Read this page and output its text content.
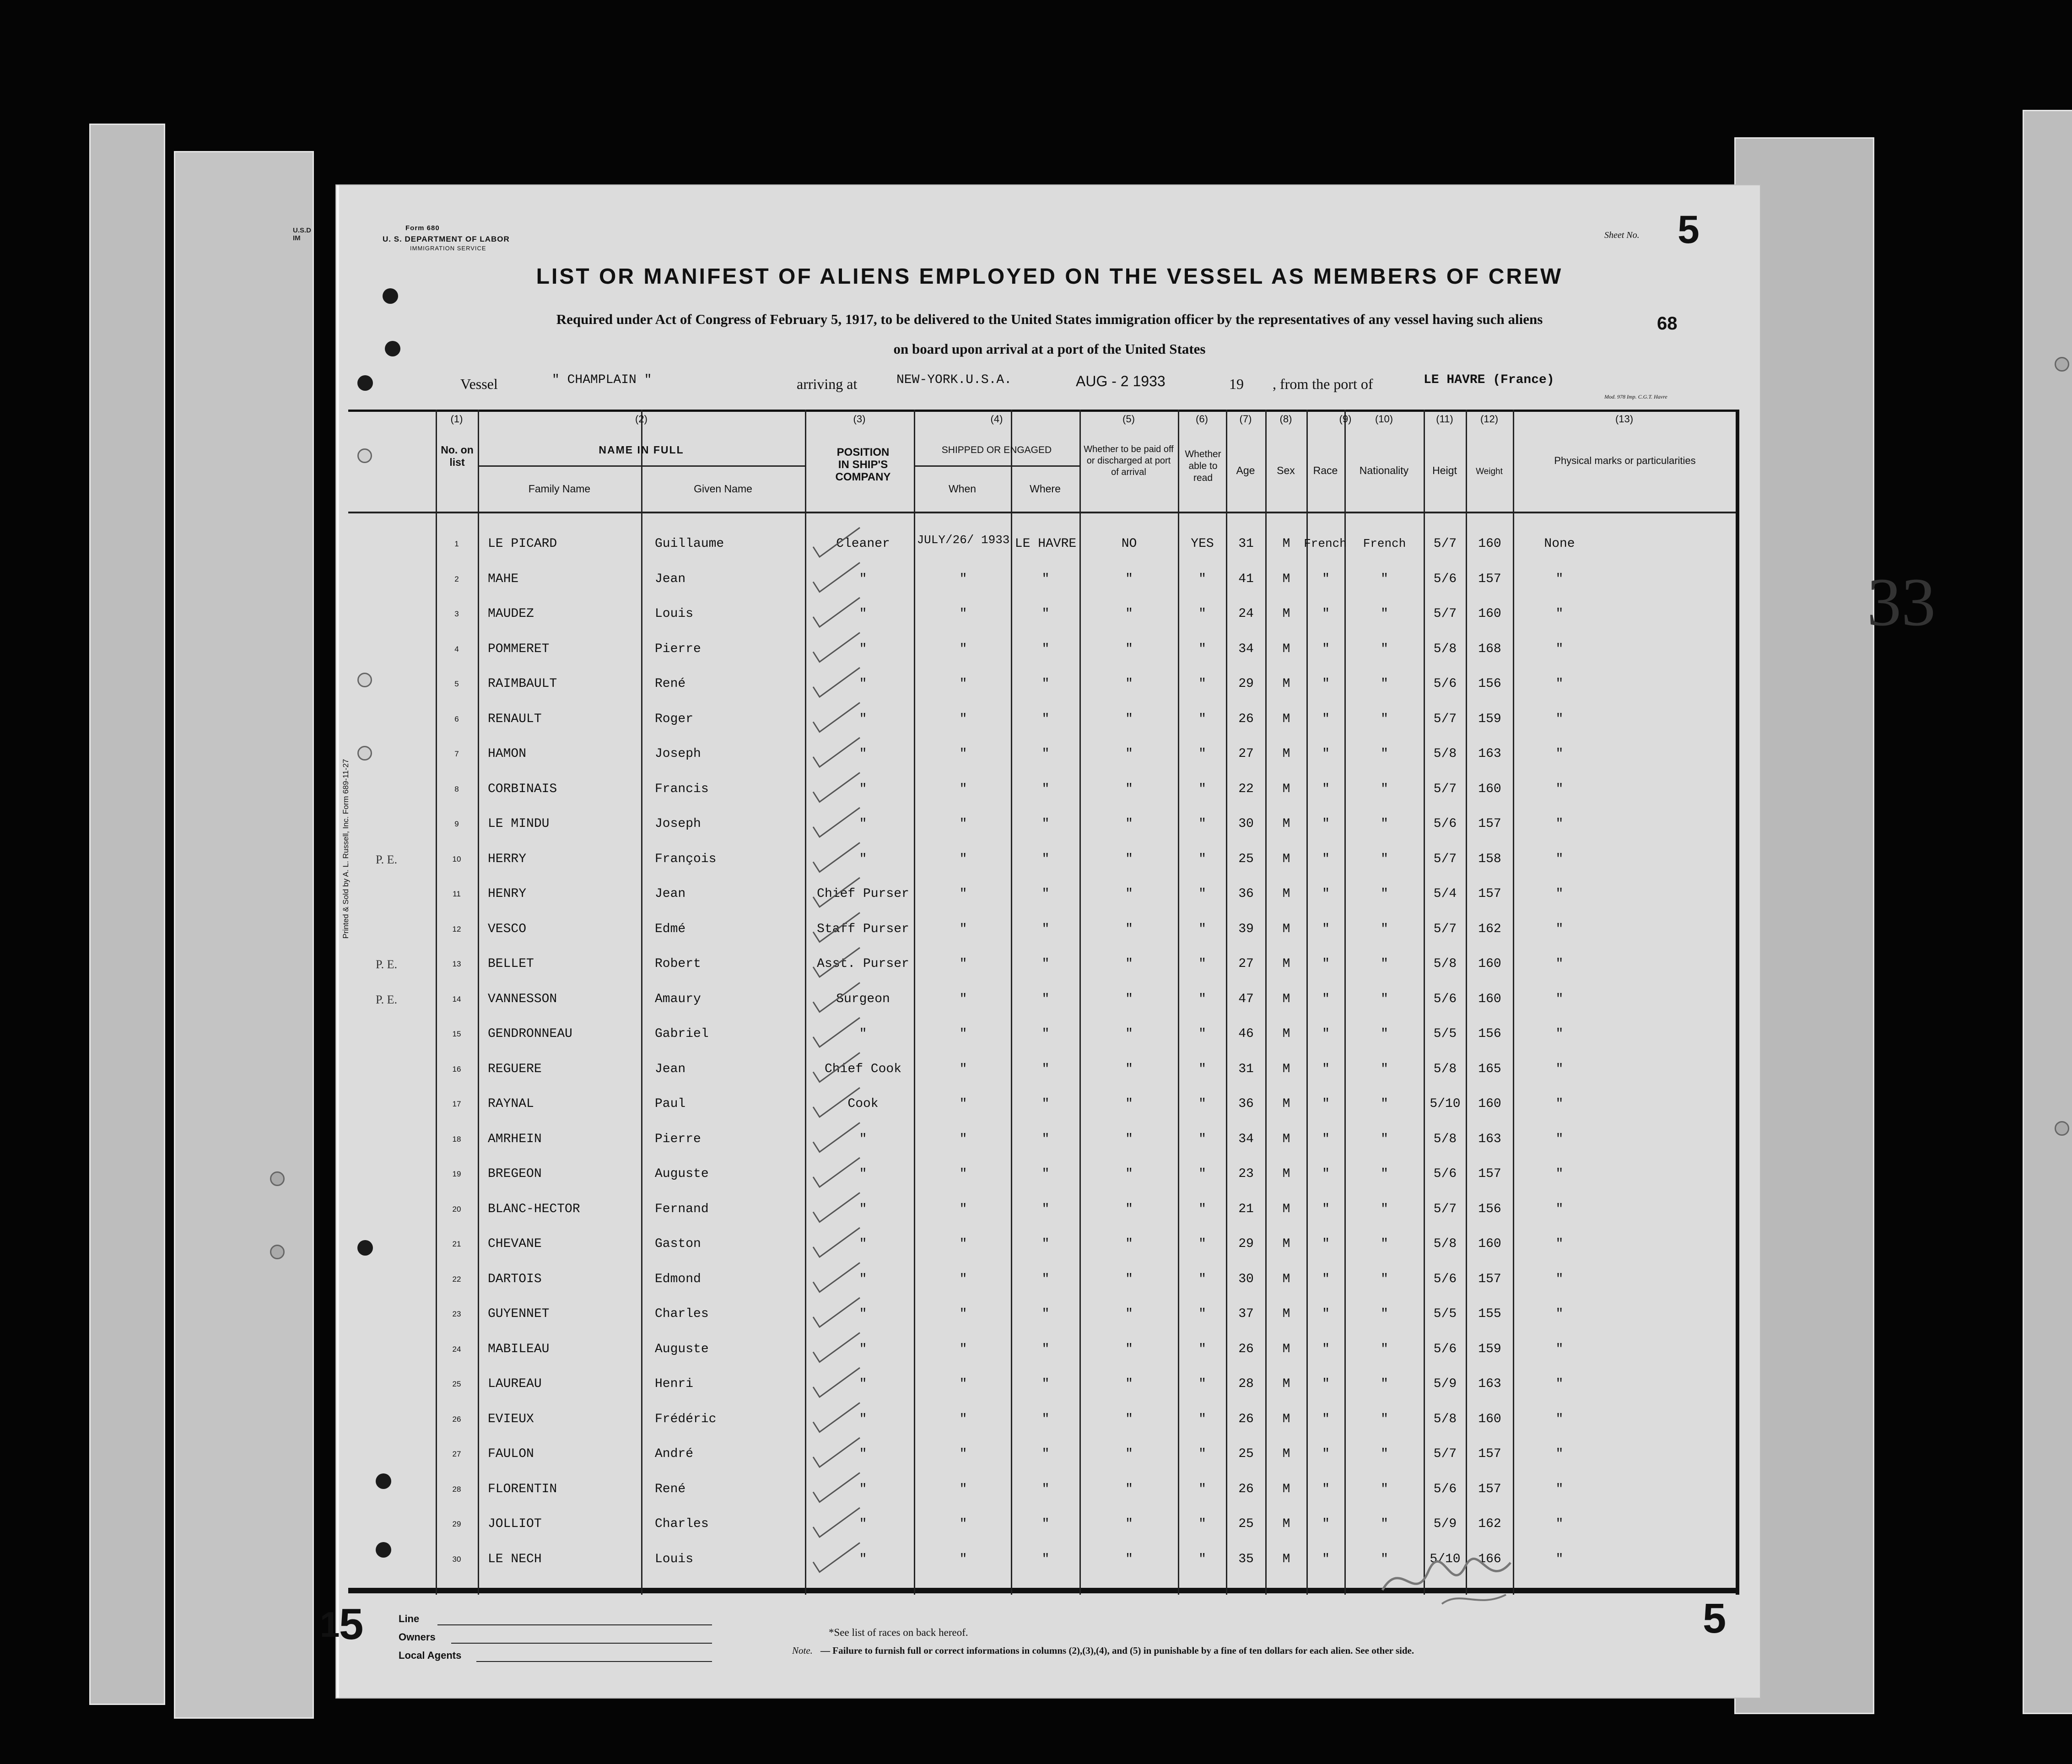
33
Form 680
U. S. DEPARTMENT OF LABOR
IMMIGRATION SERVICE
Sheet No. 5
68
LIST OR MANIFEST OF ALIENS EMPLOYED ON THE VESSEL AS MEMBERS OF CREW
Required under Act of Congress of February 5, 1917, to be delivered to the United States immigration officer by the representatives of any vessel having such aliens
on board upon arrival at a port of the United States
Printed & Sold by A. L. Russell, Inc. Form 689-11-27
Vessel	" CHAMPLAIN "	arriving at	NEW-YORK.U.S.A.	AUG - 2 1933	19 , from the port of	LE HAVRE (France)
Mod. 978 Imp. C.G.T. Havre
(1)	(2)	(3)	(4)	(5)	(6)	(7)	(8)	(9)	(10)	(11)	(12)	(13)
No. on list
NAME IN FULL
Family Name	Given Name
POSITION IN SHIP'S COMPANY
SHIPPED OR ENGAGED
When	Where
Whether to be paid off or discharged at port of arrival
Whether able to read
Age	Sex	Race	Nationality	Heigt	Weight
Physical marks or particularities
1	LE PICARD	Guillaume	Cleaner	JULY/26/ 1933 LE HAVRE	NO	YES	31	M	French	French	5/7	160	None
2	MAHE	Jean	"	"	"	"	"	41	M	"	"	5/6	157	"
3	MAUDEZ	Louis	"	"	"	"	"	24	M	"	"	5/7	160	"
4	POMMERET	Pierre	"	"	"	"	"	34	M	"	"	5/8	168	"
5	RAIMBAULT	René	"	"	"	"	"	29	M	"	"	5/6	156	"
6	RENAULT	Roger	"	"	"	"	"	26	M	"	"	5/7	159	"
7	HAMON	Joseph	"	"	"	"	"	27	M	"	"	5/8	163	"
8	CORBINAIS	Francis	"	"	"	"	"	22	M	"	"	5/7	160	"
9	LE MINDU	Joseph	"	"	"	"	"	30	M	"	"	5/6	157	"
10	HERRY	François	"	"	"	"	"	25	M	"	"	5/7	158	"
11	HENRY	Jean	Chief Purser	"	"	"	"	36	M	"	"	5/4	157	"
12	VESCO	Edmé	Staff Purser	"	"	"	"	39	M	"	"	5/7	162	"
13	BELLET	Robert	Asst. Purser	"	"	"	"	27	M	"	"	5/8	160	"
14	VANNESSON	Amaury	Surgeon	"	"	"	"	47	M	"	"	5/6	160	"
15	GENDRONNEAU	Gabriel	"	"	"	"	"	46	M	"	"	5/5	156	"
16	REGUERE	Jean	Chief Cook	"	"	"	"	31	M	"	"	5/8	165	"
17	RAYNAL	Paul	Cook	"	"	"	"	36	M	"	"	5/10	160	"
18	AMRHEIN	Pierre	"	"	"	"	"	34	M	"	"	5/8	163	"
19	BREGEON	Auguste	"	"	"	"	"	23	M	"	"	5/6	157	"
20	BLANC-HECTOR	Fernand	"	"	"	"	"	21	M	"	"	5/7	156	"
21	CHEVANE	Gaston	"	"	"	"	"	29	M	"	"	5/8	160	"
22	DARTOIS	Edmond	"	"	"	"	"	30	M	"	"	5/6	157	"
23	GUYENNET	Charles	"	"	"	"	"	37	M	"	"	5/5	155	"
24	MABILEAU	Auguste	"	"	"	"	"	26	M	"	"	5/6	159	"
25	LAUREAU	Henri	"	"	"	"	"	28	M	"	"	5/9	163	"
26	EVIEUX	Frédéric	"	"	"	"	"	26	M	"	"	5/8	160	"
27	FAULON	André	"	"	"	"	"	25	M	"	"	5/7	157	"
28	FLORENTIN	René	"	"	"	"	"	26	M	"	"	5/6	157	"
29	JOLLIOT	Charles	"	"	"	"	"	25	M	"	"	5/9	162	"
30	LE NECH	Louis	"	"	"	"	"	35	M	"	"	5/10	166	"
1
5	Line
Owners
Local Agents
*See list of races on back hereof.
Note. — Failure to furnish full or correct informations in columns (2),(3),(4), and (5) in punishable by a fine of ten dollars for each alien. See other side.
5
P. E.
P. E.
P. E.
U.S.D IM
